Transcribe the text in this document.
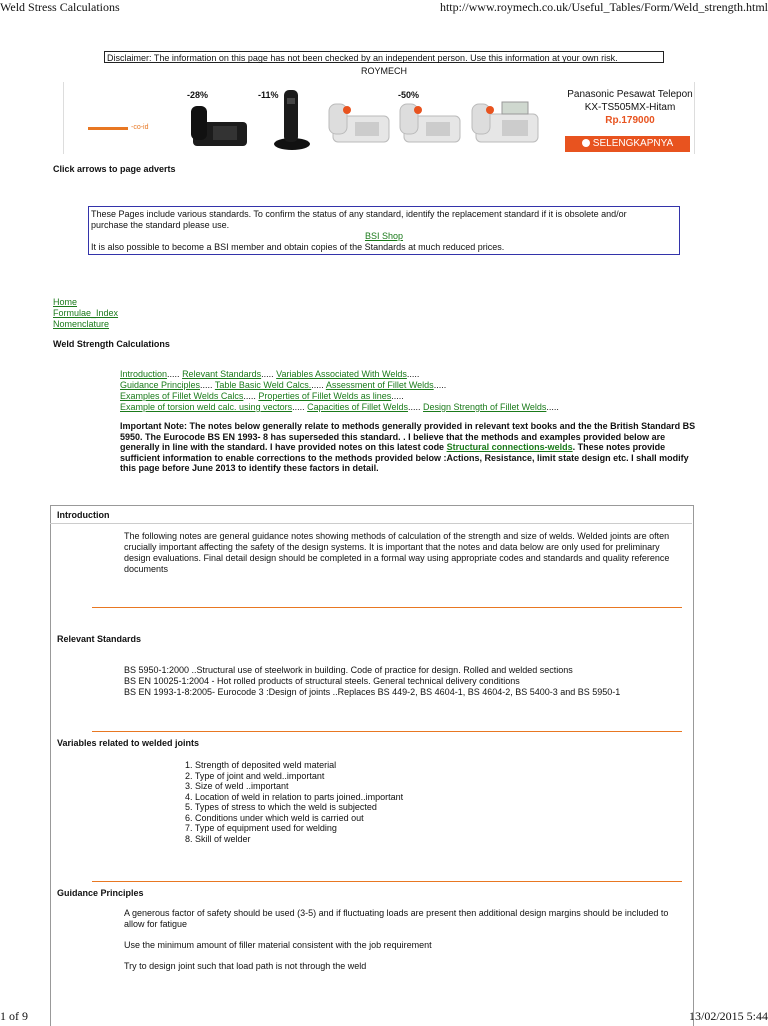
Weld Stress Calculations	http://www.roymech.co.uk/Useful_Tables/Form/Weld_strength.html
Disclaimer: The information on this page has not been checked by an independent person. Use this information at your own risk.
ROYMECH
-co-id
-28%	-11%	-50%	Panasonic Pesawat Telepon
KX-TS505MX-Hitam
Rp.179000
SELENGKAPNYA
Click arrows to page adverts
These Pages include various standards. To confirm the status of any standard, identify the replacement standard if it is obsolete and/or
purchase the standard please use.
BSI Shop
It is also possible to become a BSI member and obtain copies of the Standards at much reduced prices.
Home
Formulae_Index
Nomenclature
Weld Strength Calculations
Introduction..... Relevant Standards..... Variables Associated With Welds.....
Guidance Principles..... Table Basic Weld Calcs...... Assessment of Fillet Welds.....
Examples of Fillet Welds Calcs..... Properties of Fillet Welds as lines.....
Example of torsion weld calc. using vectors..... Capacities of Fillet Welds..... Design Strength of Fillet Welds.....
Important Note: The notes below generally relate to methods generally provided in relevant text books and the the British Standard BS
5950. The Eurocode BS EN 1993- 8 has superseded this standard. . I believe that the methods and examples provided below are
generally in line with the standard. I have provided notes on this latest code Structural connections-welds. These notes provide
sufficient information to enable corrections to the methods provided below :Actions, Resistance, limit state design etc. I shall modify
this page before June 2013 to identify these factors in detail.
Introduction
The following notes are general guidance notes showing methods of calculation of the strength and size of welds. Welded joints are often
crucially important affecting the safety of the design systems. It is important that the notes and data below are only used for preliminary
design evaluations. Final detail design should be completed in a formal way using appropriate codes and standards and quality reference
documents
Relevant Standards
BS 5950-1:2000 ..Structural use of steelwork in building. Code of practice for design. Rolled and welded sections
BS EN 10025-1:2004 - Hot rolled products of structural steels. General technical delivery conditions
BS EN 1993-1-8:2005- Eurocode 3 :Design of joints ..Replaces BS 449-2, BS 4604-1, BS 4604-2, BS 5400-3 and BS 5950-1
Variables related to welded joints
1. Strength of deposited weld material
2. Type of joint and weld..important
3. Size of weld ..important
4. Location of weld in relation to parts joined..important
5. Types of stress to which the weld is subjected
6. Conditions under which weld is carried out
7. Type of equipment used for welding
8. Skill of welder
Guidance Principles
A generous factor of safety should be used (3-5) and if fluctuating loads are present then additional design margins should be included to
allow for fatigue
Use the minimum amount of filler material consistent with the job requirement
Try to design joint such that load path is not through the weld
1 of 9	13/02/2015 5:44
